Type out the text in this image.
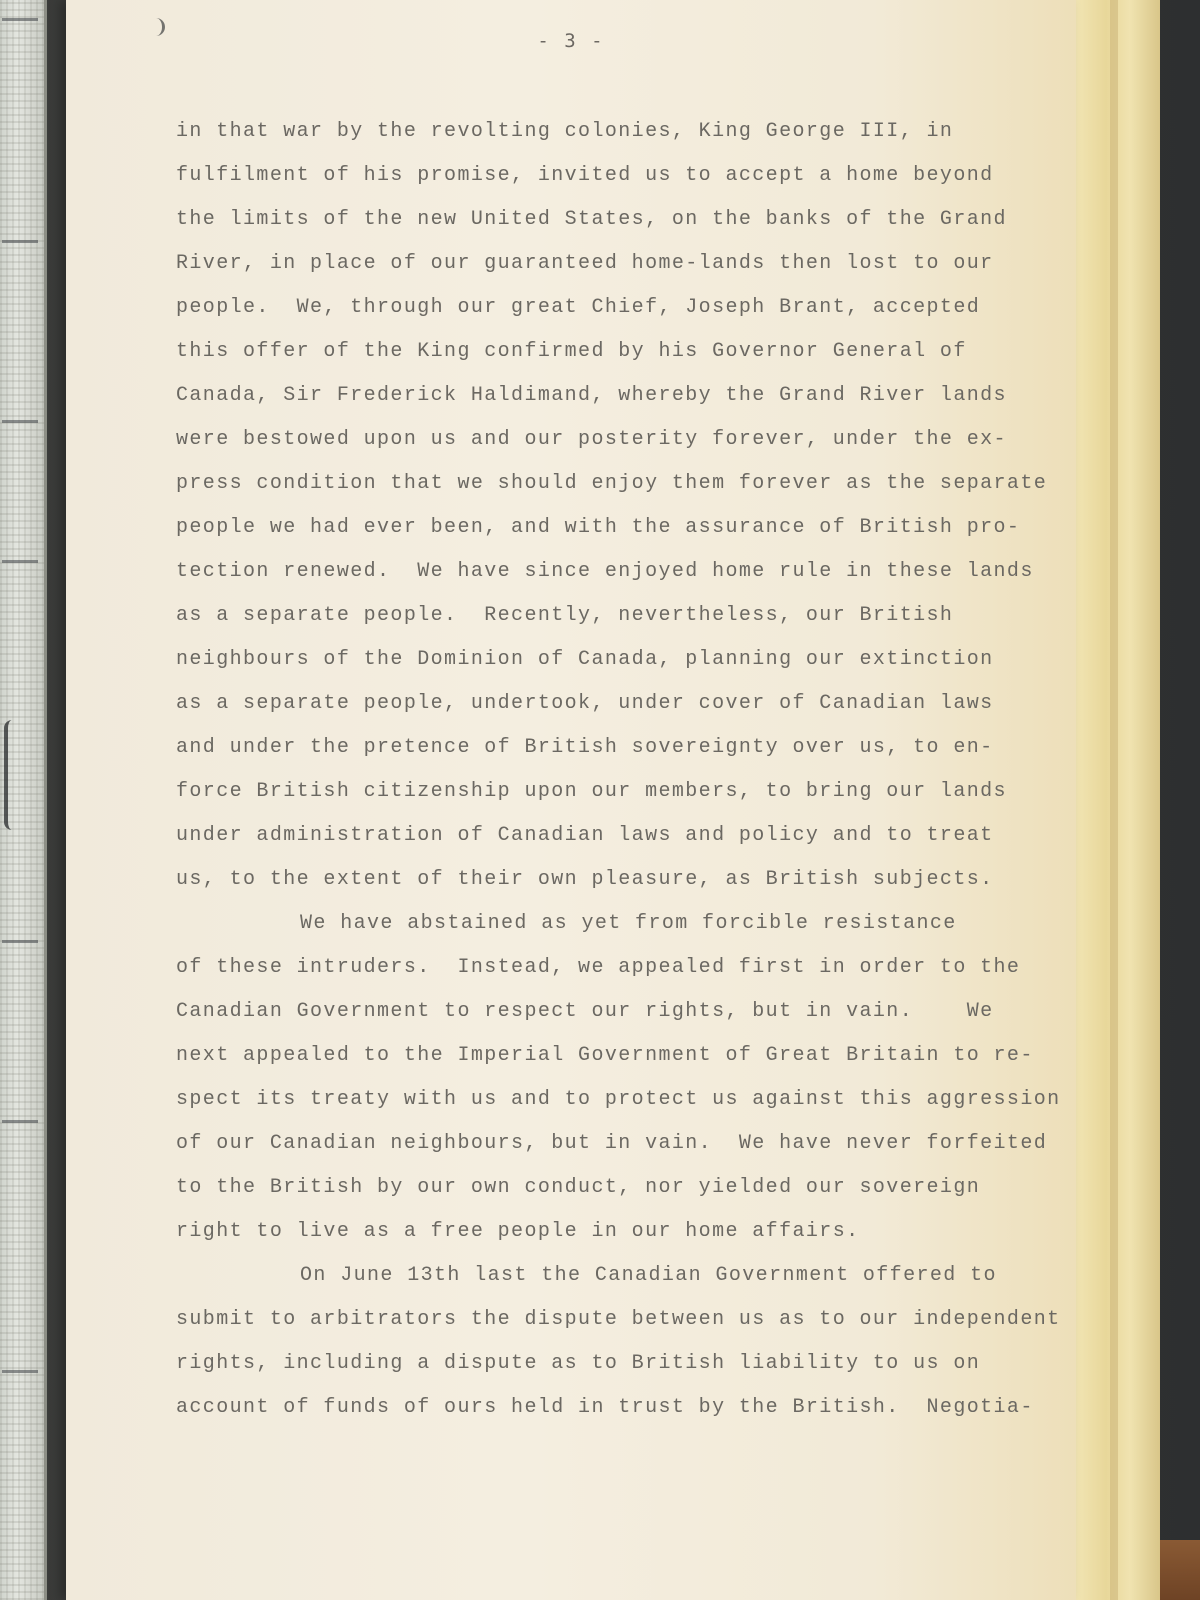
- 3 -
in that war by the revolting colonies, King George III, in
fulfilment of his promise, invited us to accept a home beyond
the limits of the new United States, on the banks of the Grand
River, in place of our guaranteed home-lands then lost to our
people.  We, through our great Chief, Joseph Brant, accepted
this offer of the King confirmed by his Governor General of
Canada, Sir Frederick Haldimand, whereby the Grand River lands
were bestowed upon us and our posterity forever, under the ex-
press condition that we should enjoy them forever as the separate
people we had ever been, and with the assurance of British pro-
tection renewed.  We have since enjoyed home rule in these lands
as a separate people.  Recently, nevertheless, our British
neighbours of the Dominion of Canada, planning our extinction
as a separate people, undertook, under cover of Canadian laws
and under the pretence of British sovereignty over us, to en-
force British citizenship upon our members, to bring our lands
under administration of Canadian laws and policy and to treat
us, to the extent of their own pleasure, as British subjects.
We have abstained as yet from forcible resistance
of these intruders.  Instead, we appealed first in order to the
Canadian Government to respect our rights, but in vain.    We
next appealed to the Imperial Government of Great Britain to re-
spect its treaty with us and to protect us against this aggression
of our Canadian neighbours, but in vain.  We have never forfeited
to the British by our own conduct, nor yielded our sovereign
right to live as a free people in our home affairs.
On June 13th last the Canadian Government offered to
submit to arbitrators the dispute between us as to our independent
rights, including a dispute as to British liability to us on
account of funds of ours held in trust by the British.  Negotia-
